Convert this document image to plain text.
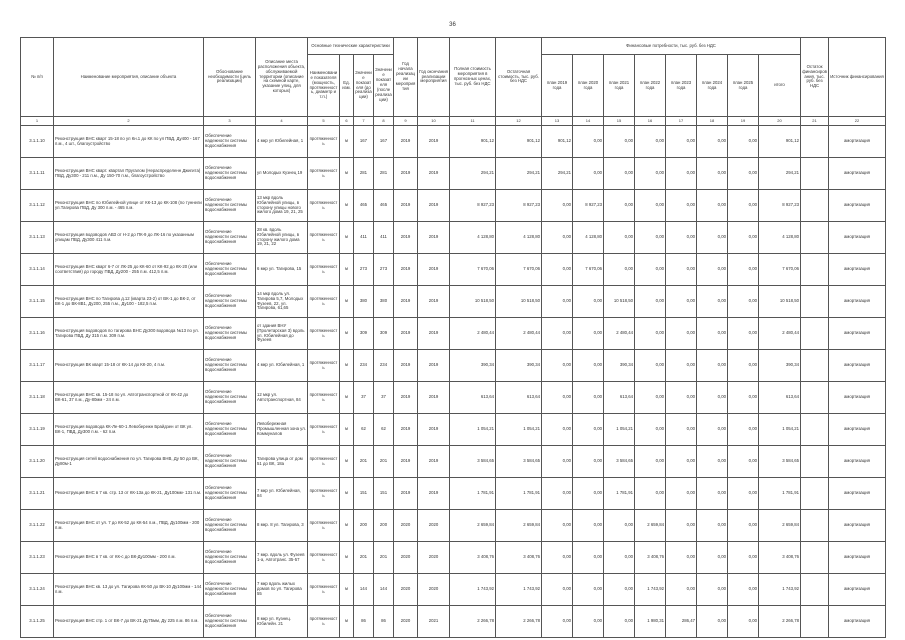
36
№ п/п	Наименование мероприятия, описание объекта	Обоснование необходимости (цель реализации)	Описание места расположения объекта, обслуживаемой территории (описание на схемной карте, указание улиц, для которых)	Основные технические характеристики				Год начала реализации мероприятия	Год окончания реализации мероприятия	Полная стоимость мероприятия в прогнозных ценах, тыс. руб. без НДС	Остаточная стоимость, тыс. руб. без НДС	Финансовые потребности, тыс. руб. без НДС								Остаток финансирования, тыс. руб. без НДС	Источник финансирования
				Наименование показателя (мощность, протяженность, диаметр и т.п.)	Ед. изм.	Значение показателя (до реализации)	Значение показателя (после реализации)					план 2019 года	план 2020 года	план 2021 года	план 2022 года	план 2023 года	план 2024 года	план 2025 года	итого		
1	2	3	4	5	6	7	8	9	10	11	12	13	14	15	16	17	18	19	20	21	22
3.1.1.10	Реконструкция ВНС кварт 15-18 по ул Кн.1 до КК по ул ПВД, Ду400 - 167 п.м., 4 шт., благоустройство	Обеспечение надежности системы водоснабжения	4 мкр ул Юбилейная, 1	протяженность	м	167	167	2019	2019	901,12	901,12	901,12	0,00	0,00	0,00	0,00	0,00	0,00	901,12		амортизация
3.1.1.11	Реконструкция ВНС кварт. квартал Пругалом (Нераспределенн Джигита) ПВД, Ду300 - 211 п.м., Ду 150-70 п.м., благоустройство	Обеспечение надежности системы водоснабжения	ул Молодых Кузнец 19	протяженность	м	281	281	2019	2019	294,21	294,21	294,21	0,00	0,00	0,00	0,00	0,00	0,00	294,21		амортизация
3.1.1.12	Реконструкция ВНС по Юбилейной улице от КК-13 до КК-108 (по туннели ул.Тагирова ПВД, Ду 300 п.м. - 465 п.м.	Обеспечение надежности системы водоснабжения	13 мкр вдоль Юбилейной улицы, в сторону улицы нового жилого дома 19, 21, 25	протяженность	м	465	465	2019	2019	8 927,23	8 927,23	0,00	8 927,23	0,00	0,00	0,00	0,00	0,00	8 927,23		амортизация
3.1.1.13	Реконструкция водоводов АВЗ от Н-2 до ПК-9 до ЛК-16 по указанным улицам ПВД, Ду300 411 п.м.	Обеспечение надежности системы водоснабжения	28 кв. вдоль Юбилейной улицы, в сторону жилого дома 19, 21, 22	протяженность	м	411	411	2019	2019	4 128,80	4 128,80	0,00	4 128,80	0,00	0,00	0,00	0,00	0,00	4 128,80		амортизация
3.1.1.14	Реконструкция ВНС кварт 6-7 от ЛК-25 до КК-60 от КК-92 до КК-20 (или соответствия) до городу ПВД, Ду200 - 255 п.м. 412,5 п.м.	Обеспечение надежности системы водоснабжения	6 мкр ул. Тагирова, 15	протяженность	м	273	273	2019	2019	7 670,06	7 670,06	0,00	7 670,06	0,00	0,00	0,00	0,00	0,00	7 670,06		амортизация
3.1.1.15	Реконструкция ВНС по Тагирова д.12 (кварта 23-2) от ВК-1 до ВК-2, от ВК-1 до ВК-8В1, Ду200, 255 п.м., Ду100 - 182,5 п.м.	Обеспечение надежности системы водоснабжения	14 мкр вдоль ул. Тагирова 5,7, Молодых Фузеев, 22, ул. Тагирова, 61,65	протяженность	м	380	380	2019	2019	10 518,50	10 518,50	0,00	0,00	10 518,50	0,00	0,00	0,00	0,00	10 518,50		амортизация
3.1.1.16	Реконструкция водоводов по тагирова ВНС Ду300 водовода №13 по ул. Тагирова ПВД, Ду 315 п.м. 309 п.м.	Обеспечение надежности системы водоснабжения	от здания ВНУ (Пролетарская 3) вдоль ул. Юбилейная до Фузеев	протяженность	м	309	309	2019	2019	2 480,44	2 480,44	0,00	0,00	2 480,44	0,00	0,00	0,00	0,00	2 480,44		амортизация
3.1.1.17	Реконструкция ВК кварт 15-18 от КК-14 до КК-20, 4 п.м.	Обеспечение надежности системы водоснабжения	4 мкр ул. Юбилейная, 1	протяженность	м	234	234	2019	2019	390,34	390,34	0,00	0,00	390,34	0,00	0,00	0,00	0,00	390,34		амортизация
3.1.1.18	Реконструкция ВНС кв. 15-18 по ул. Автотранспортной от КК-42 до ВК-61, 37 п.м., Ду-80мм - 24 п.м.	Обеспечение надежности системы водоснабжения	12 мкр ул. Автотранспортная, 84	протяженность	м	37	37	2019	2019	613,64	613,64	0,00	0,00	613,64	0,00	0,00	0,00	0,00	613,64		амортизация
3.1.1.19	Реконструкция водовода КК-Ле-60-1 Левобережн Брайдзен от ВК ул. ВК-1, ПВД, Ду300 п.м. - 62 п.м.	Обеспечение надежности системы водоснабжения	Левобережная Промышленная зона ул. Коммуналов	протяженность	м	62	62	2019	2019	1 054,21	1 054,21	0,00	0,00	1 054,21	0,00	0,00	0,00	0,00	1 054,21		амортизация
3.1.1.20	Реконструкция сетей водоснабжения по ул. Тагирова ВНВ, Ду 50 до ВК, Ду80м-1	Обеспечение надежности системы водоснабжения	Тагирова улица от дом 51 до ВК, 18а	протяженность	м	201	201	2019	2019	3 584,65	3 584,65	0,00	0,00	3 584,65	0,00	0,00	0,00	0,00	3 584,65		амортизация
3.1.1.21	Реконструкция ВНС в 7 кв. стр. 13 от КК-13а до КК-21, Ду100мм- 131 п.м.	Обеспечение надежности системы водоснабжения	7 мкр ул. Юбилейная, 84	протяженность	м	151	151	2019	2019	1 781,91	1 781,91	0,00	0,00	1 781,91	0,00	0,00	0,00	0,00	1 781,91		амортизация
3.1.1.22	Реконструкция ВНС от ул. 7 до КК-52 до КК-54 п.м., ПВД, Ду100мм - 200 п.м.	Обеспечение надежности системы водоснабжения	8 мкр. 8 ул. Тагирова, 3	протяженность	м	200	200	2020	2020	2 659,84	2 659,84	0,00	0,00	0,00	2 659,84	0,00	0,00	0,00	2 659,84		амортизация
3.1.1.23	Реконструкция ВНС в 7 кв. от КК-с до ВК-Ду100мм - 200 п.м.	Обеспечение надежности системы водоснабжения	7 мкр. вдоль ул. Фузеев 1-а, Автотранс. 35-57	протяженность	м	201	201	2020	2020	3 408,76	3 408,76	0,00	0,00	0,00	3 408,76	0,00	0,00	0,00	3 408,76		амортизация
3.1.1.24	Реконструкция ВНС кв. 13 до ул. Тагирова КК-50 до ВК-10 Ду100мм - 144 п.м.	Обеспечение надежности системы водоснабжения	7 мкр вдоль жилых домов по ул. Тагирова 55	протяженность	м	144	144	2020	2020	1 743,92	1 743,92	0,00	0,00	0,00	1 743,92	0,00	0,00	0,00	1 743,92		амортизация
3.1.1.25	Реконструкция ВНС стр. 1 от ВК-7 до ВК-21 Ду75мм, Ду 225 п.м. 86 п.м.	Обеспечение надежности системы водоснабжения	8 мкр ул. Кузнец. Юбилейн. 21	протяженность	м	86	86	2020	2021	2 266,78	2 266,78	0,00	0,00	0,00	1 980,31	286,47	0,00	0,00	2 266,78		амортизация
